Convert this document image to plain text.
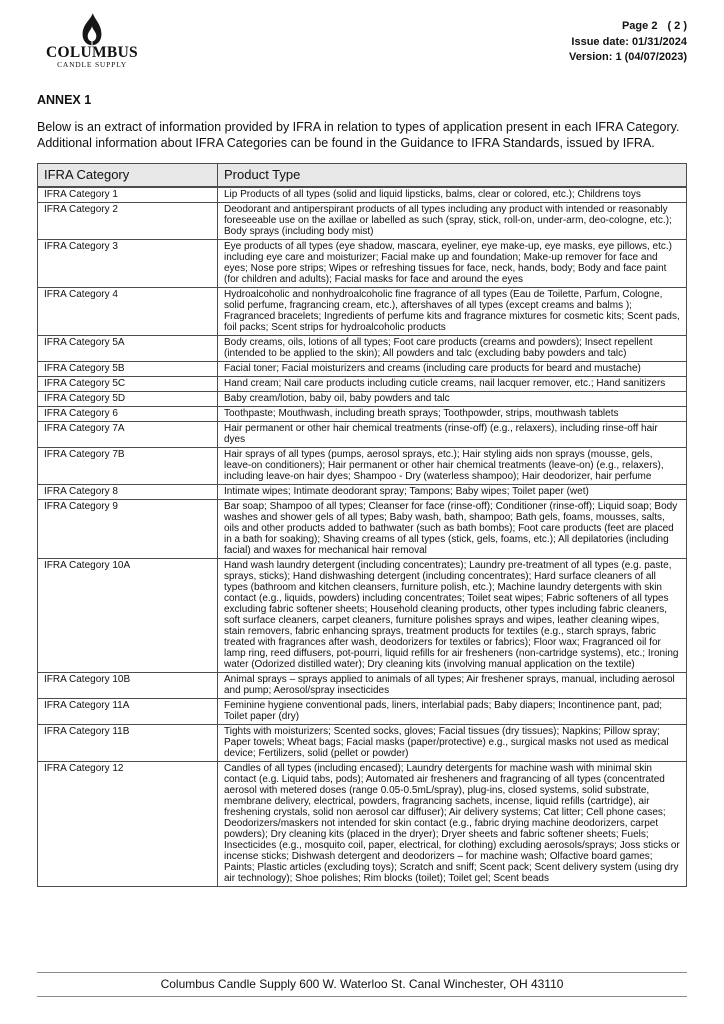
COLUMBUS
CANDLE SUPPLY
Page 2 ( 2 )
Issue date: 01/31/2024
Version: 1 (04/07/2023)
ANNEX 1

Below is an extract of information provided by IFRA in relation to types of application present in each IFRA Category. Additional information about IFRA Categories can be found in the Guidance to IFRA Standards, issued by IFRA.

IFRA Category	Product Type
IFRA Category 1	Lip Products of all types (solid and liquid lipsticks, balms, clear or colored, etc.); Childrens toys
IFRA Category 2	Deodorant and antiperspirant products of all types including any product with intended or reasonably foreseeable use on the axillae or labelled as such (spray, stick, roll-on, under-arm, deo-cologne, etc.); Body sprays (including body mist)
IFRA Category 3	Eye products of all types (eye shadow, mascara, eyeliner, eye make-up, eye masks, eye pillows, etc.) including eye care and moisturizer; Facial make up and foundation; Make-up remover for face and eyes; Nose pore strips; Wipes or refreshing tissues for face, neck, hands, body; Body and face paint (for children and adults); Facial masks for face and around the eyes
IFRA Category 4	Hydroalcoholic and nonhydroalcoholic fine fragrance of all types (Eau de Toilette, Parfum, Cologne, solid perfume, fragrancing cream, etc.), aftershaves of all types (except creams and balms ); Fragranced bracelets; Ingredients of perfume kits and fragrance mixtures for cosmetic kits; Scent pads, foil packs; Scent strips for hydroalcoholic products
IFRA Category 5A	Body creams, oils, lotions of all types; Foot care products (creams and powders); Insect repellent (intended to be applied to the skin); All powders and talc (excluding baby powders and talc)
IFRA Category 5B	Facial toner; Facial moisturizers and creams (including care products for beard and mustache)
IFRA Category 5C	Hand cream; Nail care products including cuticle creams, nail lacquer remover, etc.; Hand sanitizers
IFRA Category 5D	Baby cream/lotion, baby oil, baby powders and talc
IFRA Category 6	Toothpaste; Mouthwash, including breath sprays; Toothpowder, strips, mouthwash tablets
IFRA Category 7A	Hair permanent or other hair chemical treatments (rinse-off) (e.g., relaxers), including rinse-off hair dyes
IFRA Category 7B	Hair sprays of all types (pumps, aerosol sprays, etc.); Hair styling aids non sprays (mousse, gels, leave-on conditioners); Hair permanent or other hair chemical treatments (leave-on) (e.g., relaxers), including leave-on hair dyes; Shampoo - Dry (waterless shampoo); Hair deodorizer, hair perfume
IFRA Category 8	Intimate wipes; Intimate deodorant spray; Tampons; Baby wipes; Toilet paper (wet)
IFRA Category 9	Bar soap; Shampoo of all types; Cleanser for face (rinse-off); Conditioner (rinse-off); Liquid soap; Body washes and shower gels of all types; Baby wash, bath, shampoo; Bath gels, foams, mousses, salts, oils and other products added to bathwater (such as bath bombs); Foot care products (feet are placed in a bath for soaking); Shaving creams of all types (stick, gels, foams, etc.); All depilatories (including facial) and waxes for mechanical hair removal
IFRA Category 10A	Hand wash laundry detergent (including concentrates); Laundry pre-treatment of all types (e.g. paste, sprays, sticks); Hand dishwashing detergent (including concentrates); Hard surface cleaners of all types (bathroom and kitchen cleansers, furniture polish, etc.); Machine laundry detergents with skin contact (e.g., liquids, powders) including concentrates; Toilet seat wipes; Fabric softeners of all types excluding fabric softener sheets; Household cleaning products, other types including fabric cleaners, soft surface cleaners, carpet cleaners, furniture polishes sprays and wipes, leather cleaning wipes, stain removers, fabric enhancing sprays, treatment products for textiles (e.g., starch sprays, fabric treated with fragrances after wash, deodorizers for textiles or fabrics); Floor wax; Fragranced oil for lamp ring, reed diffusers, pot-pourri, liquid refills for air fresheners (non-cartridge systems), etc.; Ironing water (Odorized distilled water); Dry cleaning kits (involving manual application on the textile)
IFRA Category 10B	Animal sprays – sprays applied to animals of all types; Air freshener sprays, manual, including aerosol and pump; Aerosol/spray insecticides
IFRA Category 11A	Feminine hygiene conventional pads, liners, interlabial pads; Baby diapers; Incontinence pant, pad; Toilet paper (dry)
IFRA Category 11B	Tights with moisturizers; Scented socks, gloves; Facial tissues (dry tissues); Napkins; Pillow spray; Paper towels; Wheat bags; Facial masks (paper/protective) e.g., surgical masks not used as medical device; Fertilizers, solid (pellet or powder)
IFRA Category 12	Candles of all types (including encased); Laundry detergents for machine wash with minimal skin contact (e.g. Liquid tabs, pods); Automated air fresheners and fragrancing of all types (concentrated aerosol with metered doses (range 0.05-0.5mL/spray), plug-ins, closed systems, solid substrate, membrane delivery, electrical, powders, fragrancing sachets, incense, liquid refills (cartridge), air freshening crystals, solid non aerosol car diffuser); Air delivery systems; Cat litter; Cell phone cases; Deodorizers/maskers not intended for skin contact (e.g., fabric drying machine deodorizers, carpet powders); Dry cleaning kits (placed in the dryer); Dryer sheets and fabric softener sheets; Fuels; Insecticides (e.g., mosquito coil, paper, electrical, for clothing) excluding aerosols/sprays; Joss sticks or incense sticks; Dishwash detergent and deodorizers – for machine wash; Olfactive board games; Paints; Plastic articles (excluding toys); Scratch and sniff; Scent pack; Scent delivery system (using dry air technology); Shoe polishes; Rim blocks (toilet); Toilet gel; Scent beads
Columbus Candle Supply 600 W. Waterloo St. Canal Winchester, OH 43110
